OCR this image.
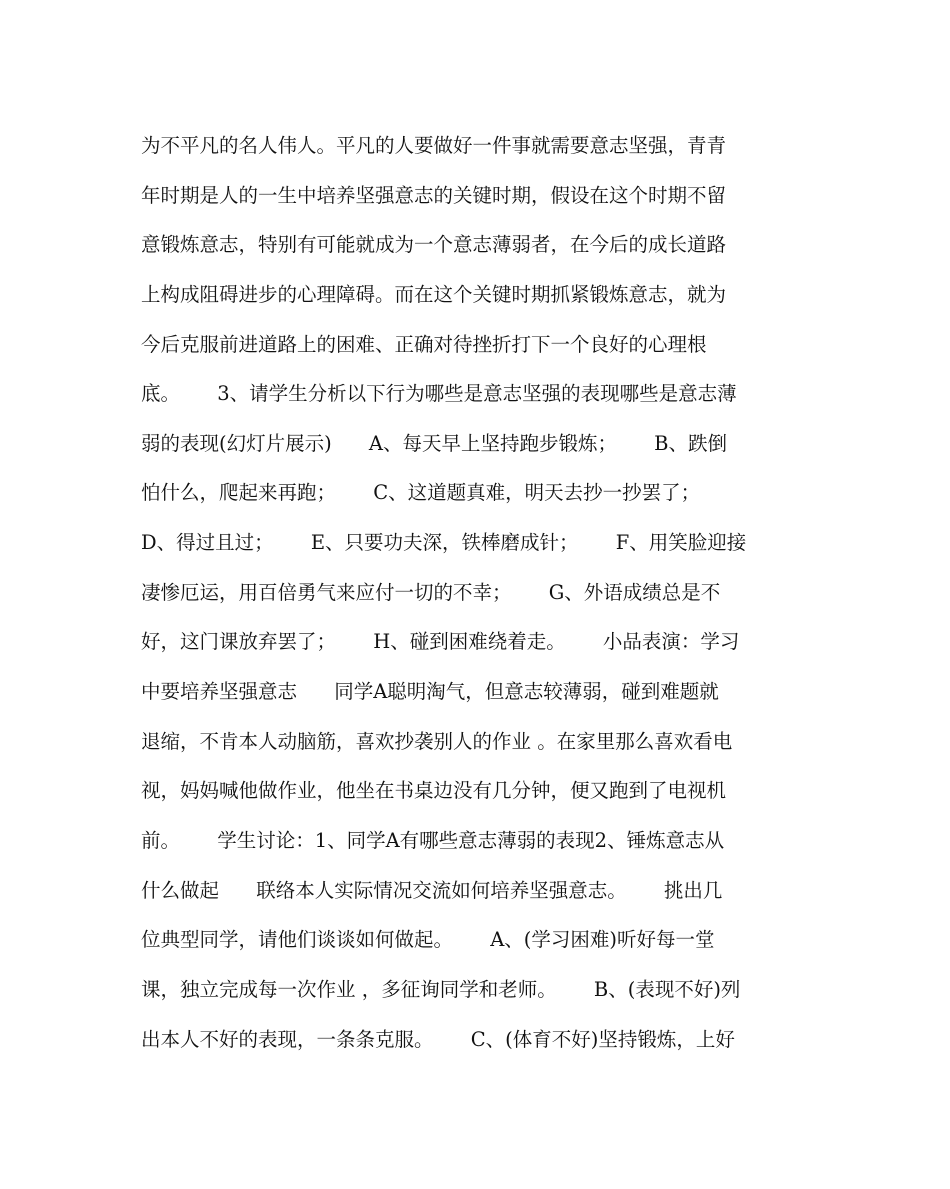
为不平凡的名人伟人。平凡的人要做好一件事就需要意志坚强，青青
年时期是人的一生中培养坚强意志的关键时期，假设在这个时期不留
意锻炼意志，特别有可能就成为一个意志薄弱者，在今后的成长道路
上构成阻碍进步的心理障碍。而在这个关键时期抓紧锻炼意志，就为
今后克服前进道路上的困难、正确对待挫折打下一个良好的心理根
底。      3、请学生分析以下行为哪些是意志坚强的表现哪些是意志薄
弱的表现(幻灯片展示)      A、每天早上坚持跑步锻炼；      B、跌倒
怕什么，爬起来再跑；      C、这道题真难，明天去抄一抄罢了；
D、得过且过；      E、只要功夫深，铁棒磨成针；      F、用笑脸迎接
凄惨厄运，用百倍勇气来应付一切的不幸；      G、外语成绩总是不
好，这门课放弃罢了；      H、碰到困难绕着走。      小品表演：学习
中要培养坚强意志      同学A聪明淘气，但意志较薄弱，碰到难题就
退缩，不肯本人动脑筋，喜欢抄袭别人的作业 。在家里那么喜欢看电
视，妈妈喊他做作业，他坐在书桌边没有几分钟，便又跑到了电视机
前。      学生讨论：1、同学A有哪些意志薄弱的表现2、锤炼意志从
什么做起      联络本人实际情况交流如何培养坚强意志。      挑出几
位典型同学，请他们谈谈如何做起。      A、(学习困难)听好每一堂
课，独立完成每一次作业 ，多征询同学和老师。      B、(表现不好)列
出本人不好的表现，一条条克服。      C、(体育不好)坚持锻炼，上好
